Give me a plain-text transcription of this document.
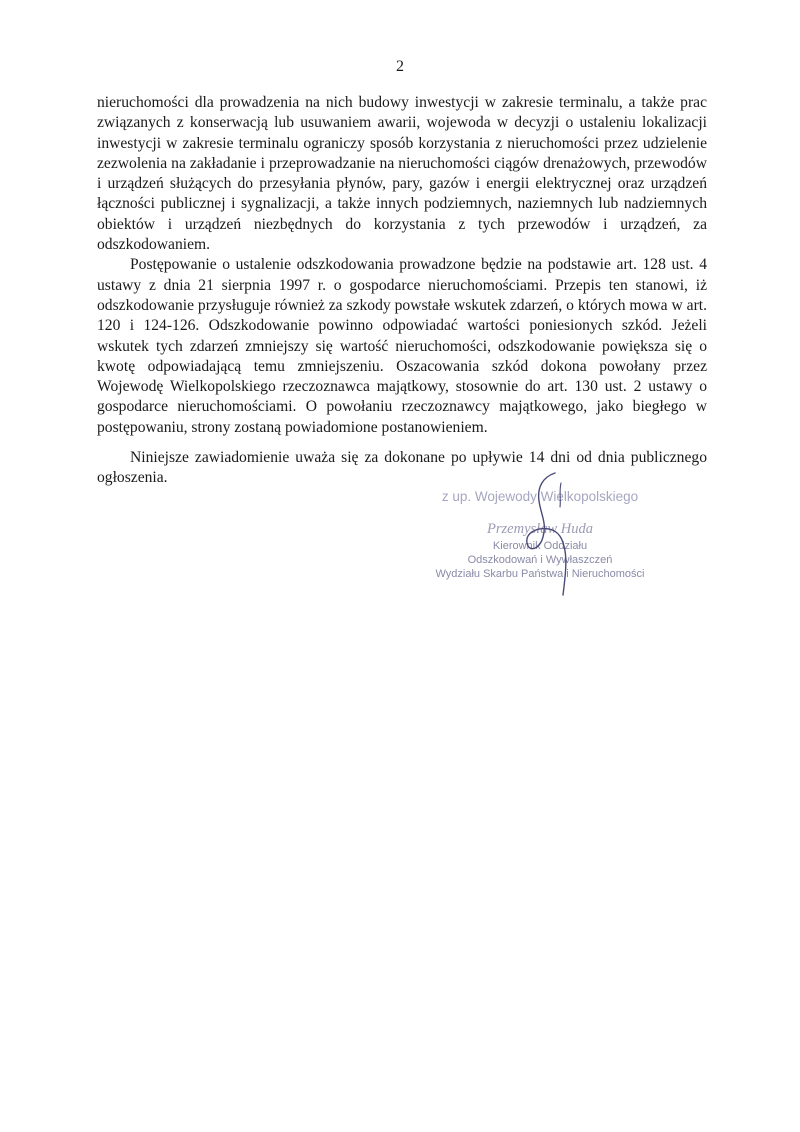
2

nieruchomości dla prowadzenia na nich budowy inwestycji w zakresie terminalu, a także prac związanych z konserwacją lub usuwaniem awarii, wojewoda w decyzji o ustaleniu lokalizacji inwestycji w zakresie terminalu ograniczy sposób korzystania z nieruchomości przez udzielenie zezwolenia na zakładanie i przeprowadzanie na nieruchomości ciągów drenażowych, przewodów i urządzeń służących do przesyłania płynów, pary, gazów i energii elektrycznej oraz urządzeń łączności publicznej i sygnalizacji, a także innych podziemnych, naziemnych lub nadziemnych obiektów i urządzeń niezbędnych do korzystania z tych przewodów i urządzeń, za odszkodowaniem.

Postępowanie o ustalenie odszkodowania prowadzone będzie na podstawie art. 128 ust. 4 ustawy z dnia 21 sierpnia 1997 r. o gospodarce nieruchomościami. Przepis ten stanowi, iż odszkodowanie przysługuje również za szkody powstałe wskutek zdarzeń, o których mowa w art. 120 i 124-126. Odszkodowanie powinno odpowiadać wartości poniesionych szkód. Jeżeli wskutek tych zdarzeń zmniejszy się wartość nieruchomości, odszkodowanie powiększa się o kwotę odpowiadającą temu zmniejszeniu. Oszacowania szkód dokona powołany przez Wojewodę Wielkopolskiego rzeczoznawca majątkowy, stosownie do art. 130 ust. 2 ustawy o gospodarce nieruchomościami. O powołaniu rzeczoznawcy majątkowego, jako biegłego w postępowaniu, strony zostaną powiadomione postanowieniem.

Niniejsze zawiadomienie uważa się za dokonane po upływie 14 dni od dnia publicznego ogłoszenia.

z up. Wojewody Wielkopolskiego
Przemysław Huda
Kierownik Oddziału
Odszkodowań i Wywłaszczeń
Wydziału Skarbu Państwa i Nieruchomości
